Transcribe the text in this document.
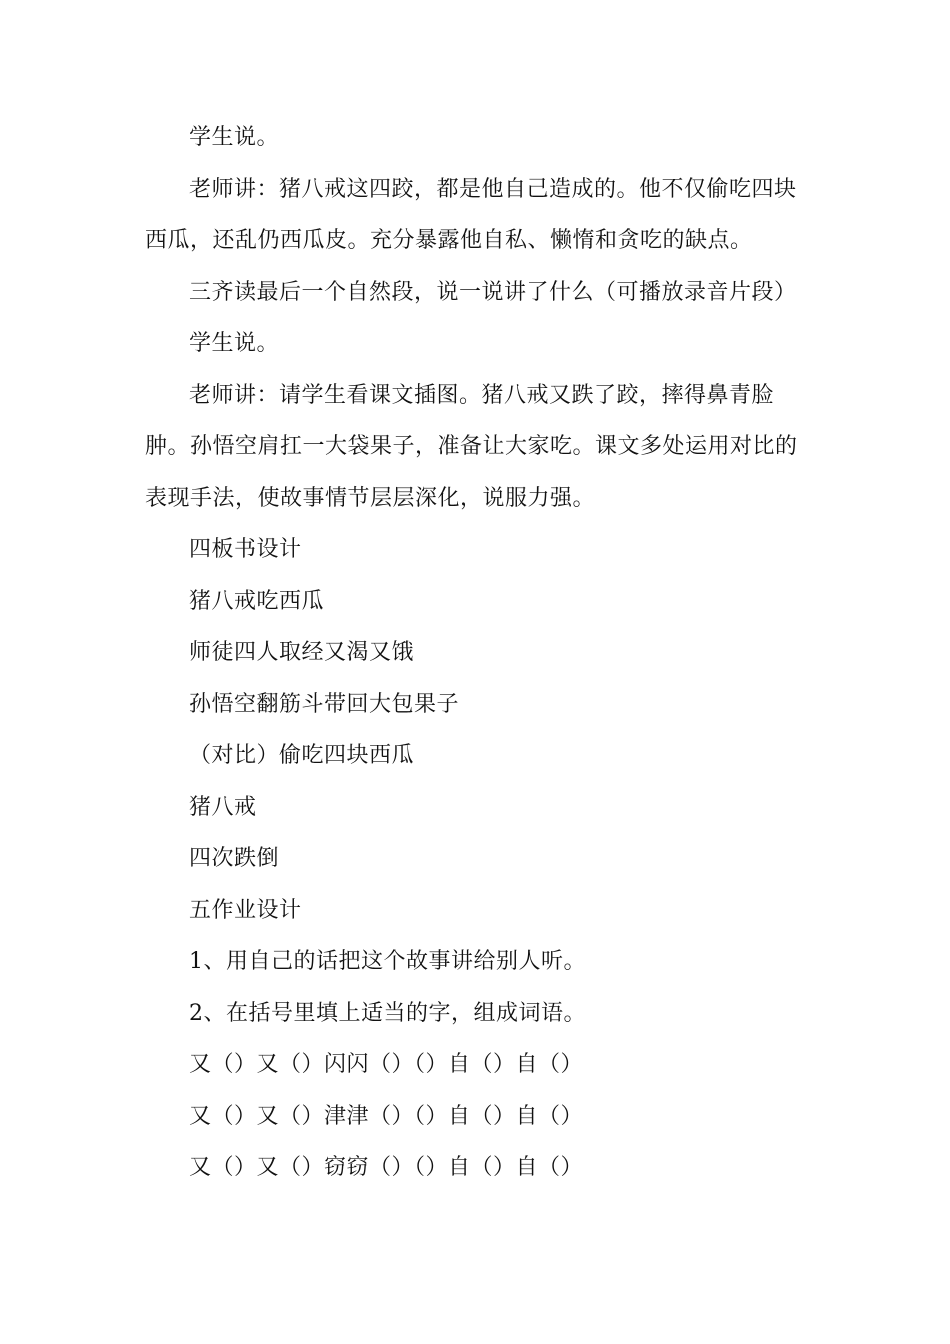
学生说。

老师讲：猪八戒这四跤，都是他自己造成的。他不仅偷吃四块西瓜，还乱仍西瓜皮。充分暴露他自私、懒惰和贪吃的缺点。

三齐读最后一个自然段，说一说讲了什么（可播放录音片段）

学生说。

老师讲：请学生看课文插图。猪八戒又跌了跤，摔得鼻青脸肿。孙悟空肩扛一大袋果子，准备让大家吃。课文多处运用对比的表现手法，使故事情节层层深化，说服力强。

四板书设计

猪八戒吃西瓜

师徒四人取经又渴又饿

孙悟空翻筋斗带回大包果子

（对比）偷吃四块西瓜

猪八戒

四次跌倒

五作业设计

1、用自己的话把这个故事讲给别人听。

2、在括号里填上适当的字，组成词语。

又（）又（）闪闪（）（）自（）自（）

又（）又（）津津（）（）自（）自（）

又（）又（）窃窃（）（）自（）自（）
